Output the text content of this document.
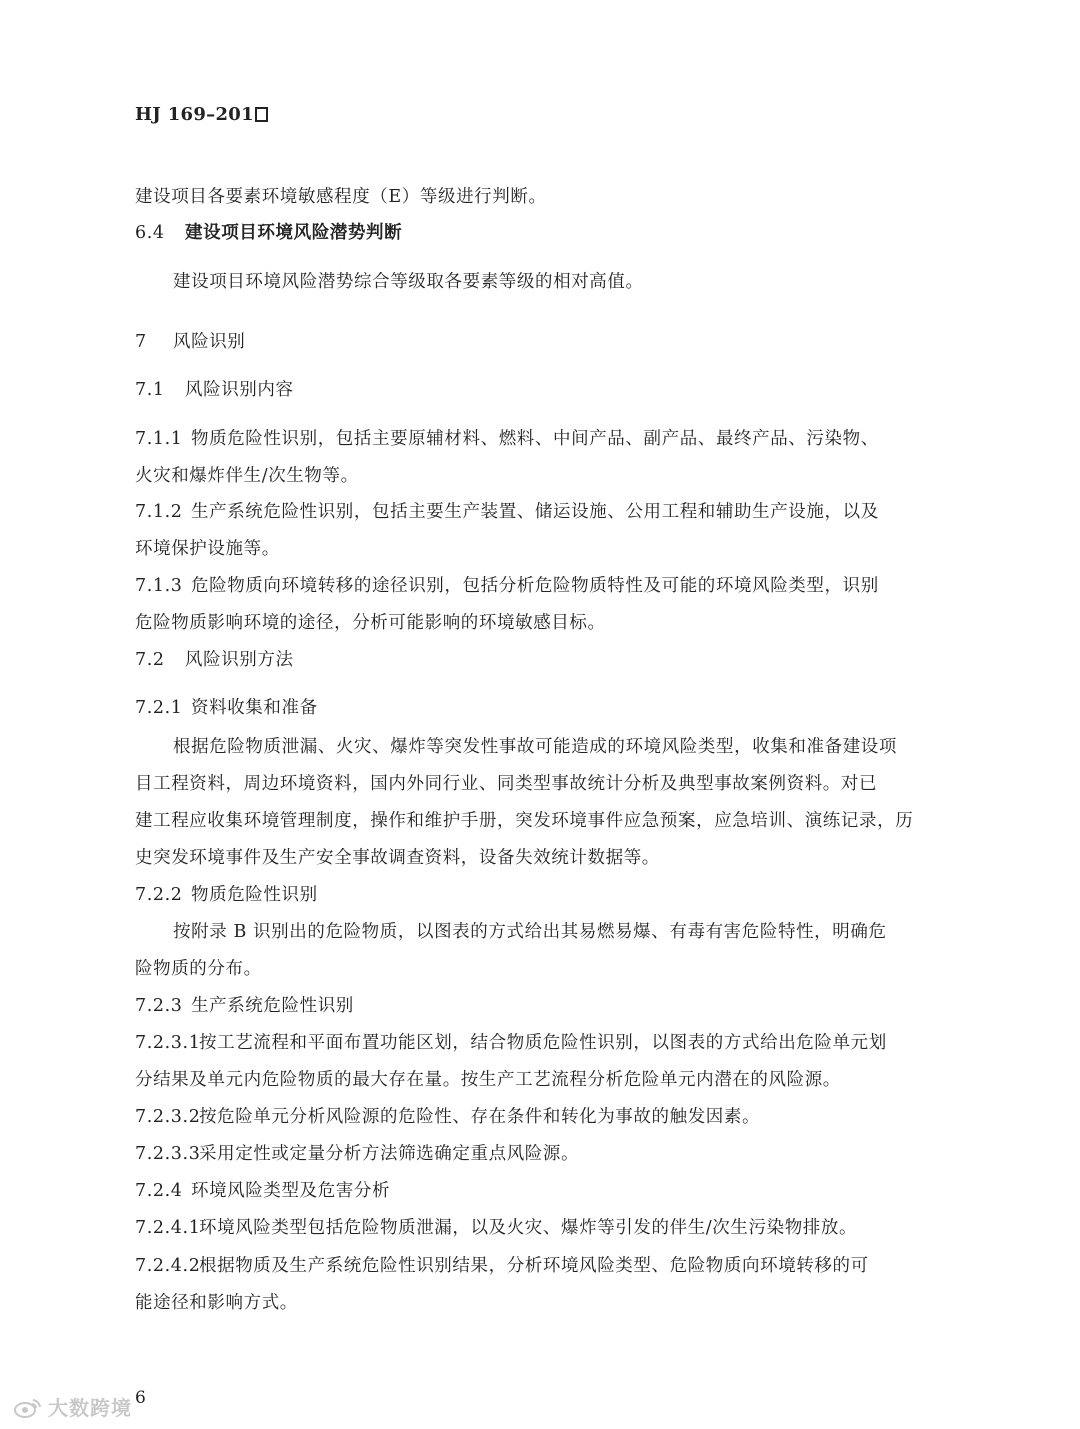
HJ 169–201
建设项目各要素环境敏感程度（E）等级进行判断。
6.4 建设项目环境风险潜势判断
建设项目环境风险潜势综合等级取各要素等级的相对高值。
7 风险识别
7.1 风险识别内容
7.1.1 物质危险性识别，包括主要原辅材料、燃料、中间产品、副产品、最终产品、污染物、
火灾和爆炸伴生/次生物等。
7.1.2 生产系统危险性识别，包括主要生产装置、储运设施、公用工程和辅助生产设施，以及
环境保护设施等。
7.1.3 危险物质向环境转移的途径识别，包括分析危险物质特性及可能的环境风险类型，识别
危险物质影响环境的途径，分析可能影响的环境敏感目标。
7.2 风险识别方法
7.2.1 资料收集和准备
根据危险物质泄漏、火灾、爆炸等突发性事故可能造成的环境风险类型，收集和准备建设项
目工程资料，周边环境资料，国内外同行业、同类型事故统计分析及典型事故案例资料。对已
建工程应收集环境管理制度，操作和维护手册，突发环境事件应急预案，应急培训、演练记录，历
史突发环境事件及生产安全事故调查资料，设备失效统计数据等。
7.2.2 物质危险性识别
按附录 B 识别出的危险物质，以图表的方式给出其易燃易爆、有毒有害危险特性，明确危
险物质的分布。
7.2.3 生产系统危险性识别
7.2.3.1按工艺流程和平面布置功能区划，结合物质危险性识别，以图表的方式给出危险单元划
分结果及单元内危险物质的最大存在量。按生产工艺流程分析危险单元内潜在的风险源。
7.2.3.2按危险单元分析风险源的危险性、存在条件和转化为事故的触发因素。
7.2.3.3采用定性或定量分析方法筛选确定重点风险源。
7.2.4 环境风险类型及危害分析
7.2.4.1环境风险类型包括危险物质泄漏，以及火灾、爆炸等引发的伴生/次生污染物排放。
7.2.4.2根据物质及生产系统危险性识别结果，分析环境风险类型、危险物质向环境转移的可
能途径和影响方式。
6
大数跨境
